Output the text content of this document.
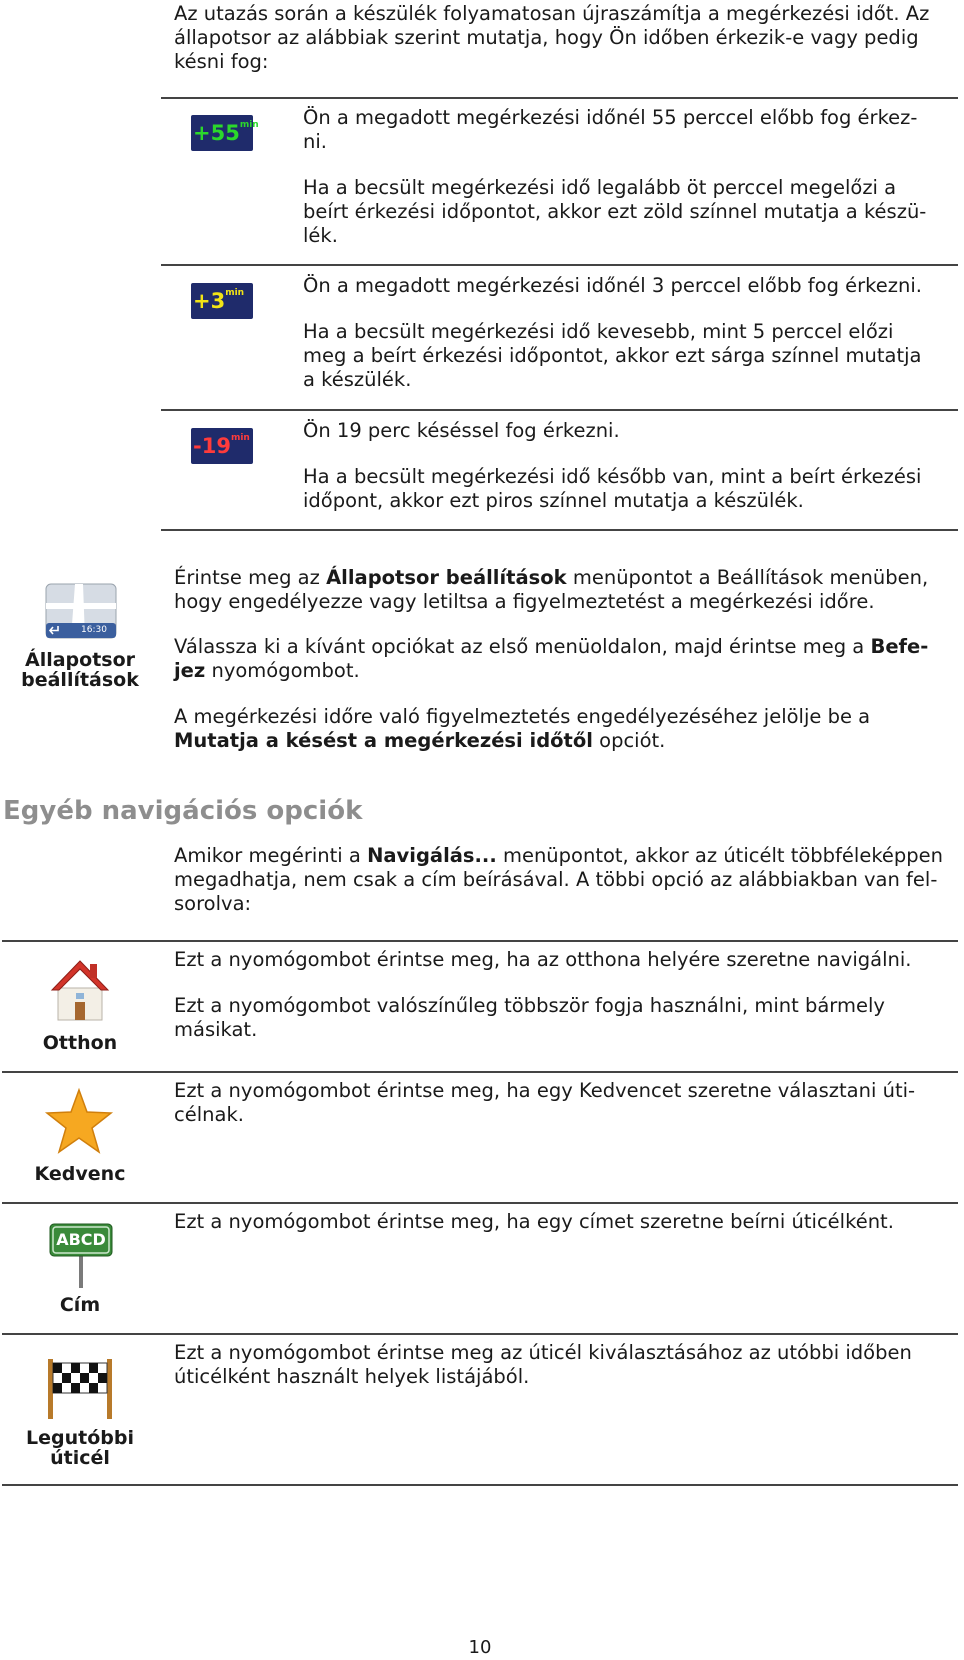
Az utazás során a készülék folyamatosan újraszámítja a megérkezési időt. Az
állapotsor az alábbiak szerint mutatja, hogy Ön időben érkezik-e vagy pedig
késni fog:
$+55^{min}$ Ön a megadott megérkezési időnél 55 perccel előbb fog érkez-
ni.
Ha a becsült megérkezési idő legalább öt perccel megelőzi a
beírt érkezési időpontot, akkor ezt zöld színnel mutatja a készü-
lék.
$+3^{min}$	Ön a megadott megérkezési időnél 3 perccel előbb fog érkezni.
Ha a becsült megérkezési idő kevesebb, mint 5 perccel előzi
meg a beírt érkezési időpontot, akkor ezt sárga színnel mutatja
a készülék.
$-19^{min}$	Ön 19 perc késéssel fog érkezni.
Ha a becsült megérkezési idő később van, mint a beírt érkezési
időpont, akkor ezt piros színnel mutatja a készülék.
16:30
Állapotsor
beállítások
Érintse meg az Állapotsor beállítások menüpontot a Beállítások menüben,
hogy engedélyezze vagy letiltsa a figyelmeztetést a megérkezési időre.
Válassza ki a kívánt opciókat az első menüoldalon, majd érintse meg a Befe-
jez nyomógombot.
A megérkezési időre való figyelmeztetés engedélyezéséhez jelölje be a
Mutatja a késést a megérkezési időtől opciót.
Egyéb navigációs opciók
Amikor megérinti a Navigálás... menüpontot, akkor az úticélt többféleképpen
megadhatja, nem csak a cím beírásával. A többi opció az alábbiakban van fel-
sorolva:
Otthon
Ezt a nyomógombot érintse meg, ha az otthona helyére szeretne navigálni.
Ezt a nyomógombot valószínűleg többször fogja használni, mint bármely
másikat.
Kedvenc
Ezt a nyomógombot érintse meg, ha egy Kedvencet szeretne választani úti-
célnak.
ABCD
Cím
Ezt a nyomógombot érintse meg, ha egy címet szeretne beírni úticélként.
Legutóbbi
úticél
Ezt a nyomógombot érintse meg az úticél kiválasztásához az utóbbi időben
úticélként használt helyek listájából.
10
